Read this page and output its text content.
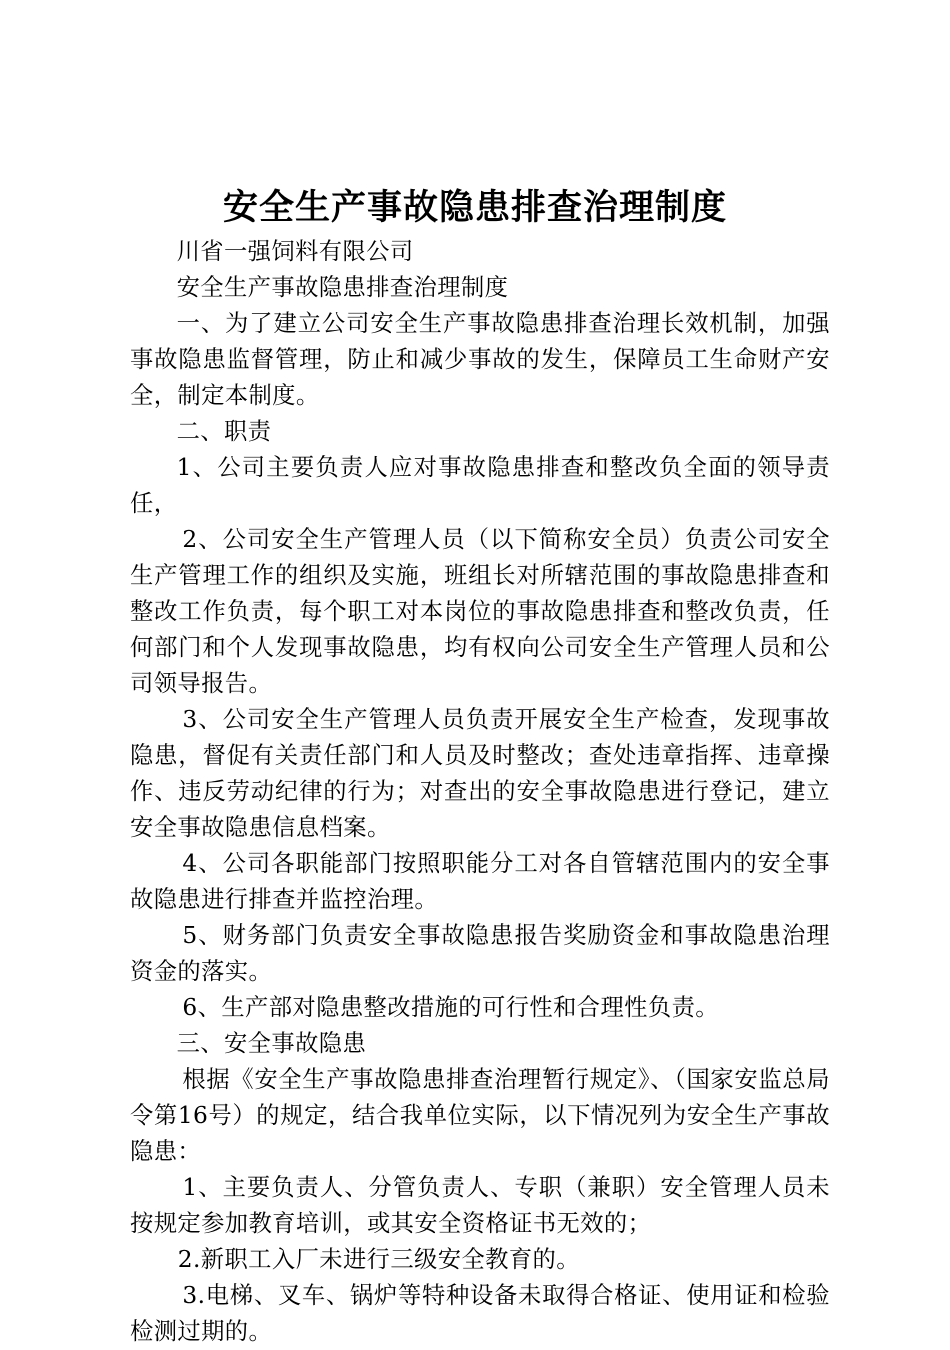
安全生产事故隐患排查治理制度

川省一强饲料有限公司

安全生产事故隐患排查治理制度

一、为了建立公司安全生产事故隐患排查治理长效机制，加强事故隐患监督管理，防止和减少事故的发生，保障员工生命财产安全，制定本制度。

二、职责

1、公司主要负责人应对事故隐患排查和整改负全面的领导责任，

2、公司安全生产管理人员（以下简称安全员）负责公司安全生产管理工作的组织及实施，班组长对所辖范围的事故隐患排查和整改工作负责，每个职工对本岗位的事故隐患排查和整改负责，任何部门和个人发现事故隐患，均有权向公司安全生产管理人员和公司领导报告。

3、公司安全生产管理人员负责开展安全生产检查，发现事故隐患，督促有关责任部门和人员及时整改；查处违章指挥、违章操作、违反劳动纪律的行为；对查出的安全事故隐患进行登记，建立安全事故隐患信息档案。

4、公司各职能部门按照职能分工对各自管辖范围内的安全事故隐患进行排查并监控治理。

5、财务部门负责安全事故隐患报告奖励资金和事故隐患治理资金的落实。

6、生产部对隐患整改措施的可行性和合理性负责。

三、安全事故隐患

根据《安全生产事故隐患排查治理暂行规定》、（国家安监总局令第16号）的规定，结合我单位实际，以下情况列为安全生产事故隐患：

1、主要负责人、分管负责人、专职（兼职）安全管理人员未按规定参加教育培训，或其安全资格证书无效的；

2.新职工入厂未进行三级安全教育的。

3.电梯、叉车、锅炉等特种设备未取得合格证、使用证和检验检测过期的。
